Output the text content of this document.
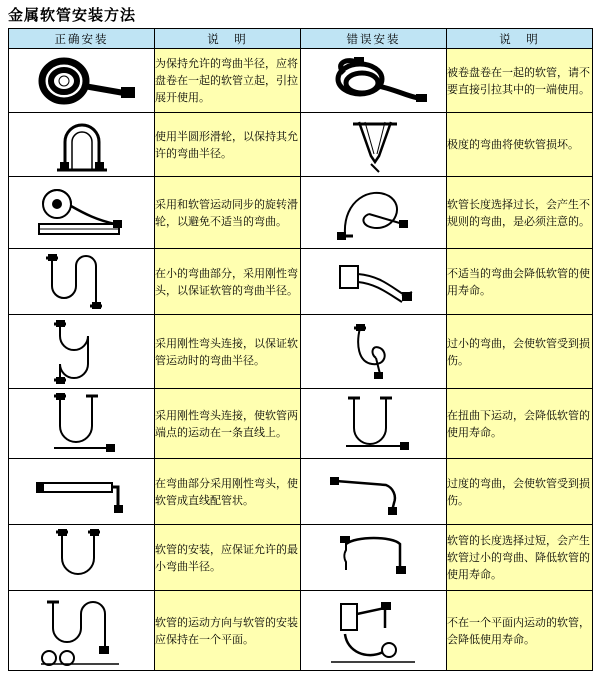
金属软管安装方法
正确安装	说　明	错误安装	说　明

	为保持允许的弯曲半径，应将盘卷在一起的软管立起，引拉展开使用。		被卷盘卷在一起的软管，请不要直接引拉其中的一端使用。

	使用半圆形滑轮，以保持其允许的弯曲半径。		极度的弯曲将使软管损坏。

	采用和软管运动同步的旋转滑轮，以避免不适当的弯曲。		软管长度选择过长，会产生不规则的弯曲，是必须注意的。

	在小的弯曲部分，采用刚性弯头，以保证软管的弯曲半径。		不适当的弯曲会降低软管的使用寿命。

	采用刚性弯头连接，以保证软管运动时的弯曲半径。		过小的弯曲，会使软管受到损伤。

	采用刚性弯头连接，使软管两端点的运动在一条直线上。		在扭曲下运动，会降低软管的使用寿命。

	在弯曲部分采用刚性弯头，使软管成直线配管状。		过度的弯曲，会使软管受到损伤。

	软管的安装，应保证允许的最小弯曲半径。		软管的长度选择过短，会产生软管过小的弯曲、降低软管的使用寿命。

	软管的运动方向与软管的安装应保持在一个平面。		不在一个平面内运动的软管，会降低使用寿命。
